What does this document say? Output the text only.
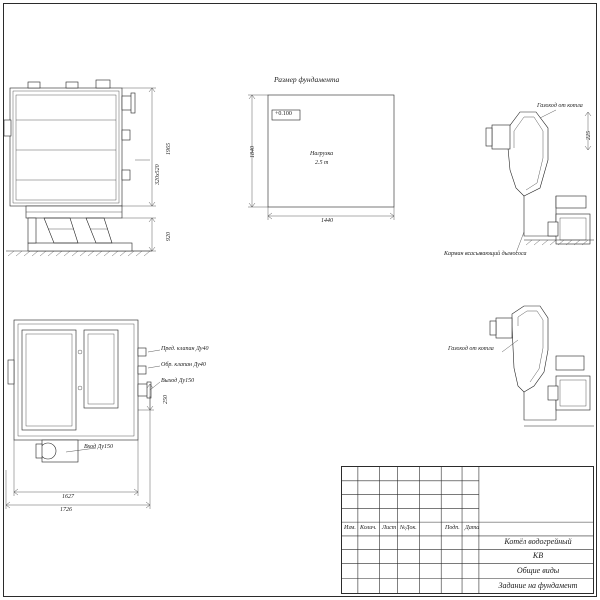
Размер фундамента
+0.100
Нагрузка
2.5 т
1440
1840
1965
320х520
920
Пред. клапан Ду40
Обр. клапан Ду40
Выход Ду150
Вход Ду150
250
1627
1726
Газоход от котла
225
Карман всасывающий дымососа
Газоход от котла
Изм. Колич. Лист №Док.	Подп. Дата
Котёл водогрейный
КВ
Общие виды
Задание на фундамент
